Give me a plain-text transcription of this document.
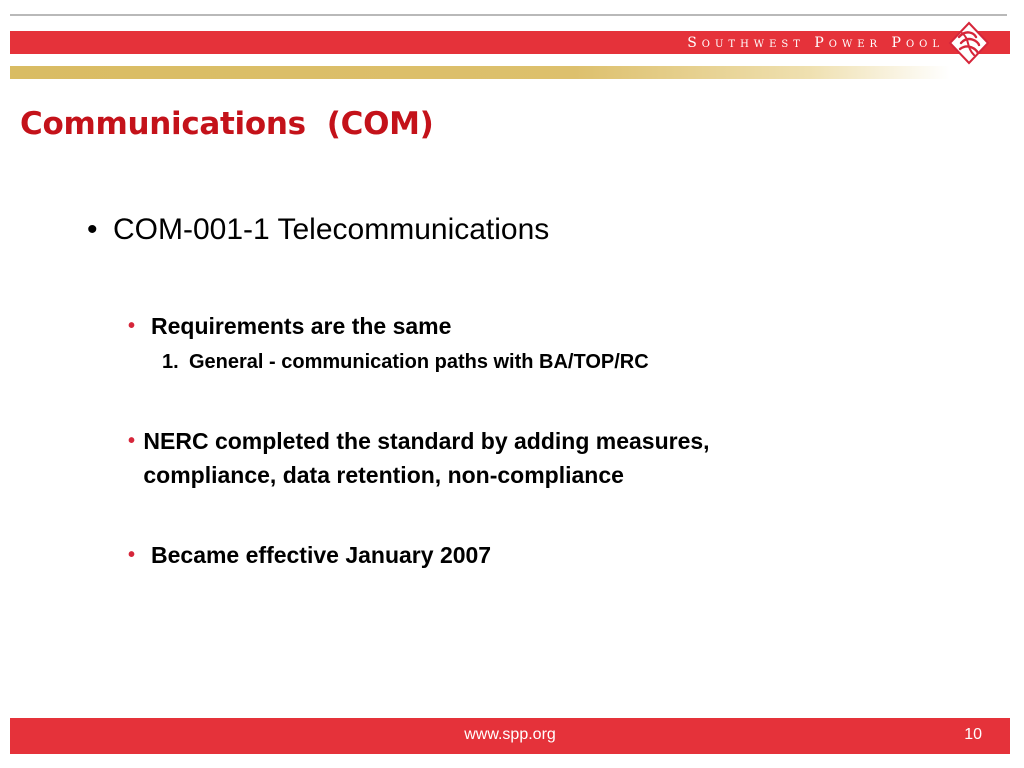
Southwest Power Pool
Communications  (COM)
• COM-001-1 Telecommunications
• Requirements are the same
1. General - communication paths with BA/TOP/RC
• NERC completed the standard by adding measures, compliance, data retention, non-compliance
• Became effective January 2007
www.spp.org	10
